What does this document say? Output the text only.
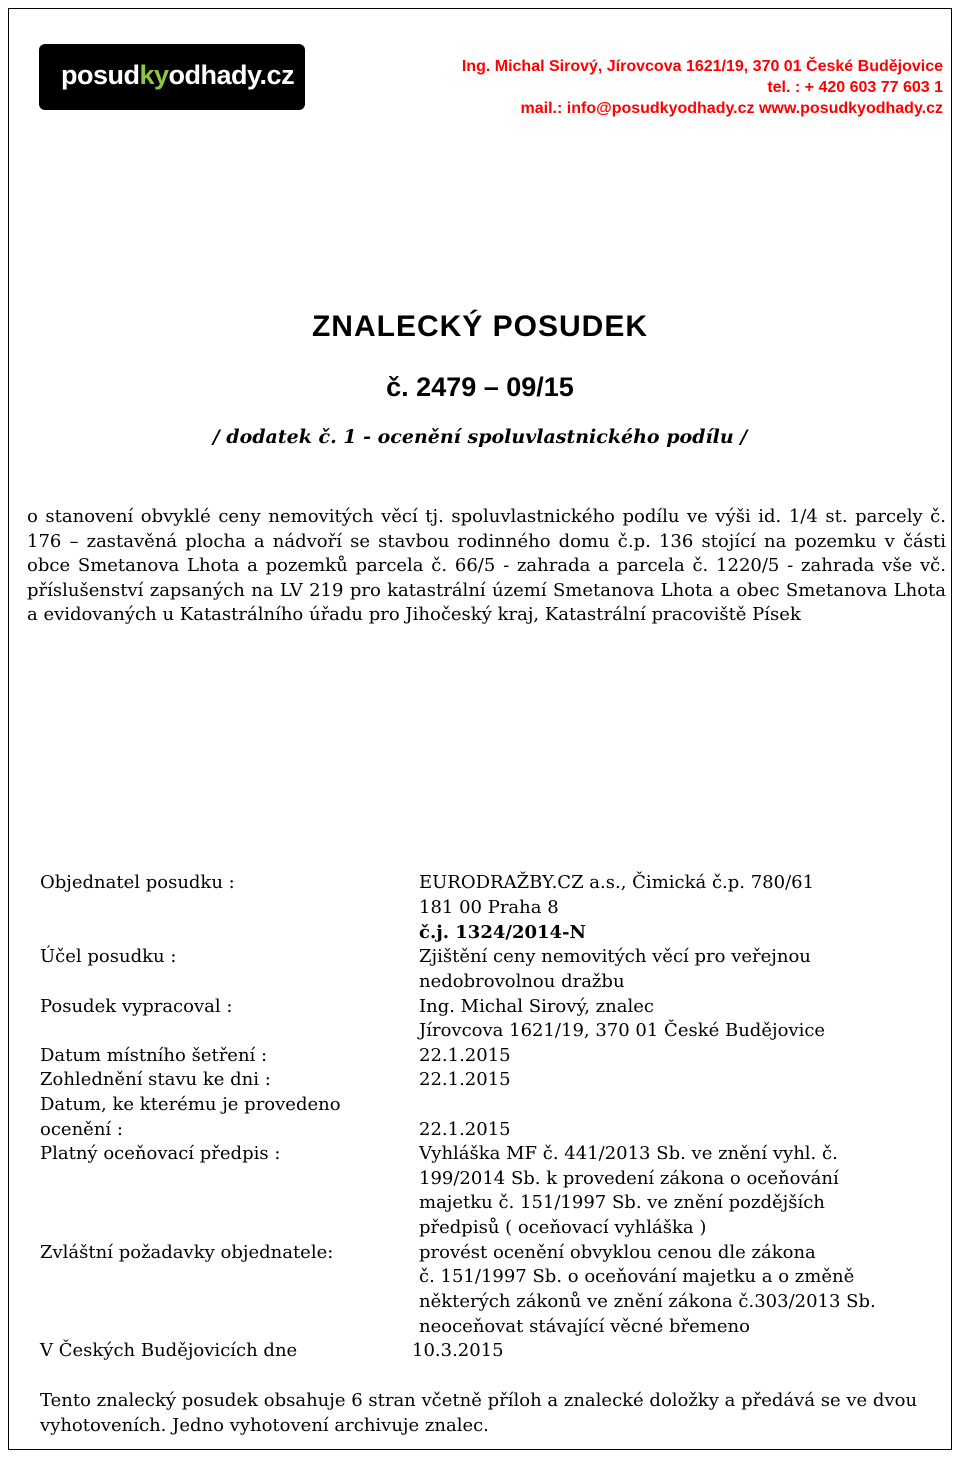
posudkyodhady.cz	Ing. Michal Sirový, Jírovcova 1621/19, 370 01 České Budějovice
tel. : + 420 603 77 603 1
mail.: info@posudkyodhady.cz www.posudkyodhady.cz
ZNALECKÝ POSUDEK
č. 2479 – 09/15
/ dodatek č. 1 - ocenění spoluvlastnického podílu /
o stanovení obvyklé ceny nemovitých věcí tj. spoluvlastnického podílu ve výši id. 1/4 st. parcely č. 176 – zastavěná plocha a nádvoří se stavbou rodinného domu č.p. 136 stojící na pozemku v části obce Smetanova Lhota a pozemků parcela č. 66/5 - zahrada a parcela č. 1220/5 - zahrada vše vč. příslušenství zapsaných na LV 219 pro katastrální území Smetanova Lhota a obec Smetanova Lhota a evidovaných u Katastrálního úřadu pro Jihočeský kraj, Katastrální pracoviště Písek
Objednatel posudku :	EURODRAŽBY.CZ a.s., Čimická č.p. 780/61
181 00 Praha 8
č.j. 1324/2014-N
Účel posudku :	Zjištění ceny nemovitých věcí pro veřejnou
nedobrovolnou dražbu
Posudek vypracoval :	Ing. Michal Sirový, znalec
Jírovcova 1621/19, 370 01 České Budějovice
Datum místního šetření :	22.1.2015
Zohlednění stavu ke dni :	22.1.2015
Datum, ke kterému je provedeno
ocenění :	22.1.2015
Platný oceňovací předpis :	Vyhláška MF č. 441/2013 Sb. ve znění vyhl. č.
199/2014 Sb. k provedení zákona o oceňování
majetku č. 151/1997 Sb. ve znění pozdějších
předpisů ( oceňovací vyhláška )
Zvláštní požadavky objednatele:	provést ocenění obvyklou cenou dle zákona
č. 151/1997 Sb. o oceňování majetku a o změně
některých zákonů ve znění zákona č.303/2013 Sb.
neoceňovat stávající věcné břemeno
V Českých Budějovicích dne	10.3.2015
Tento znalecký posudek obsahuje 6 stran včetně příloh a znalecké doložky a předává se ve dvou vyhotoveních. Jedno vyhotovení archivuje znalec.
